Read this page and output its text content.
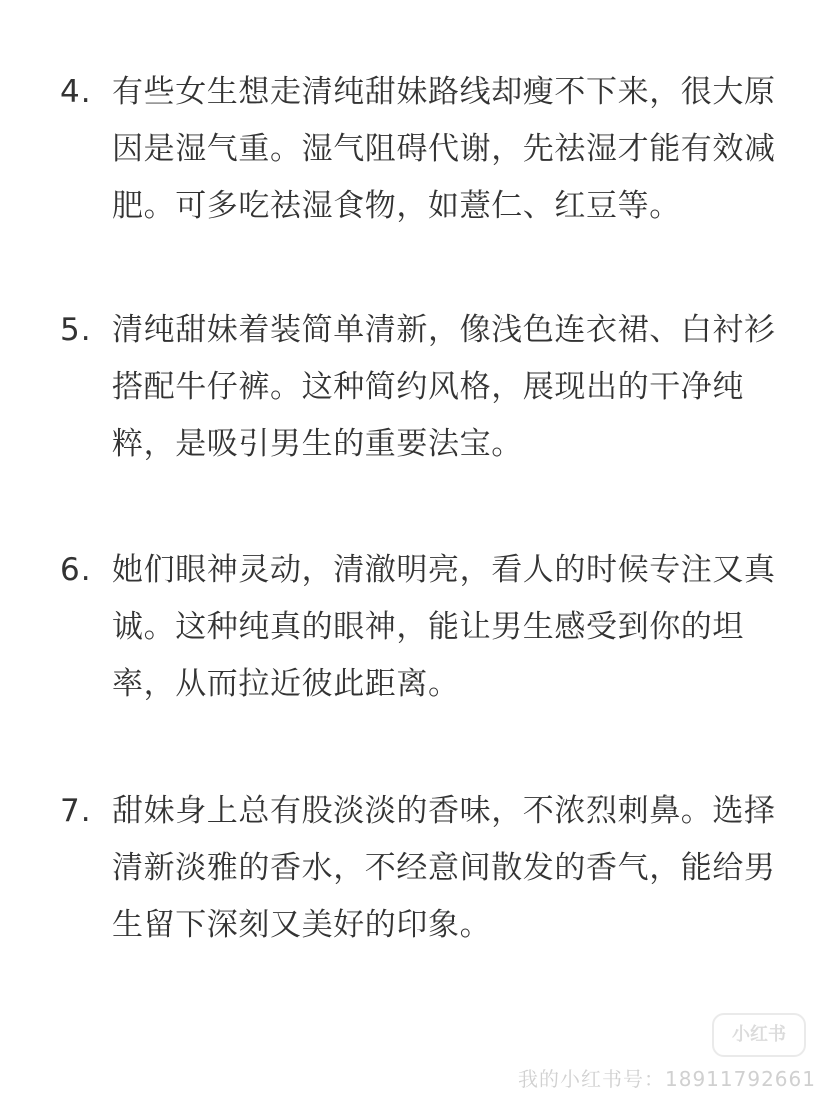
4. 有些女生想走清纯甜妹路线却瘦不下来，很大原因是湿气重。湿气阻碍代谢，先祛湿才能有效减肥。可多吃祛湿食物，如薏仁、红豆等。
5. 清纯甜妹着装简单清新，像浅色连衣裙、白衬衫搭配牛仔裤。这种简约风格，展现出的干净纯粹，是吸引男生的重要法宝。
6. 她们眼神灵动，清澈明亮，看人的时候专注又真诚。这种纯真的眼神，能让男生感受到你的坦率，从而拉近彼此距离。
7. 甜妹身上总有股淡淡的香味，不浓烈刺鼻。选择清新淡雅的香水，不经意间散发的香气，能给男生留下深刻又美好的印象。
小红书
我的小红书号：18911792661
